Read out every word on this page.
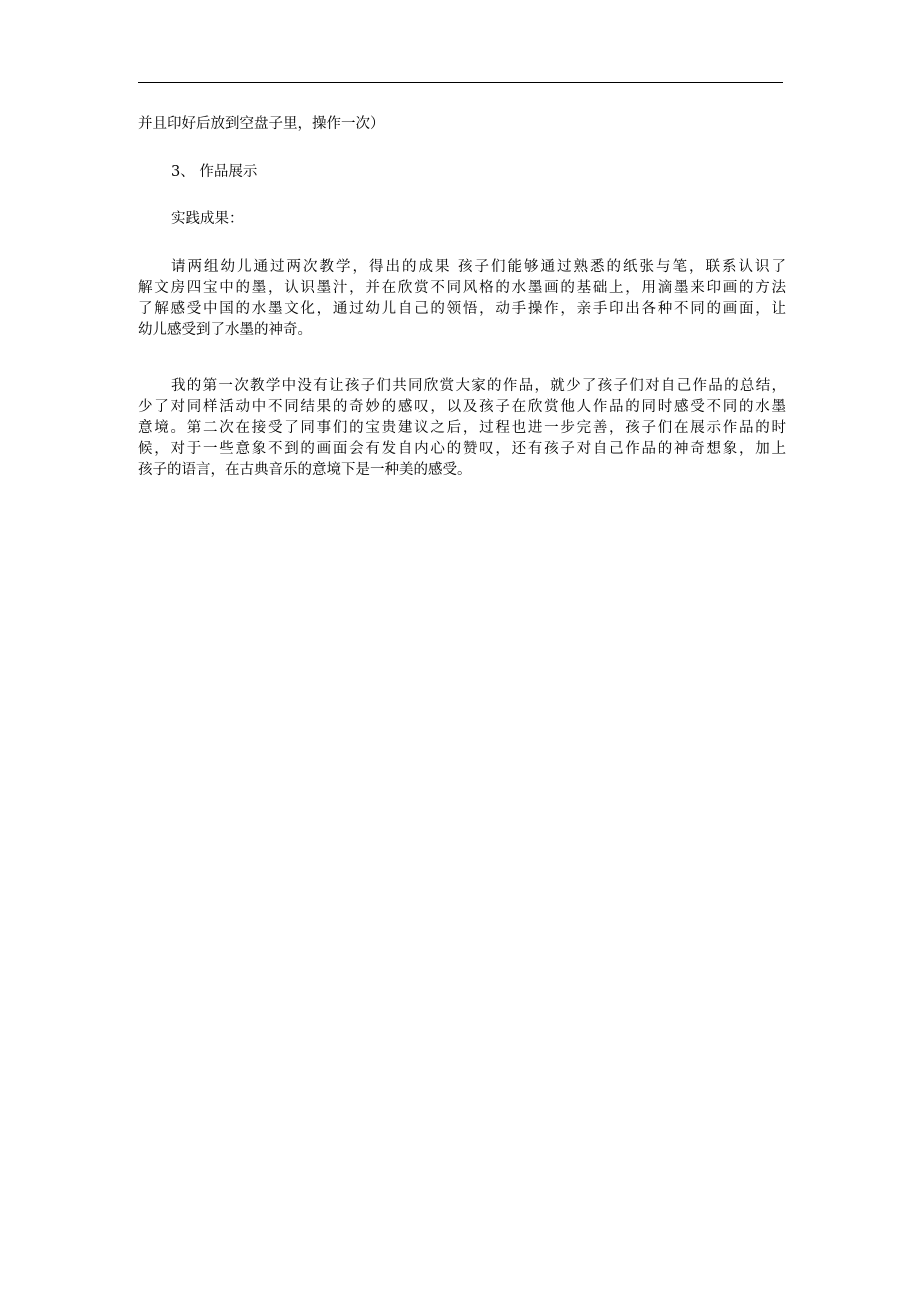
并且印好后放到空盘子里，操作一次）
3、 作品展示
实践成果：
请两组幼儿通过两次教学，得出的成果 孩子们能够通过熟悉的纸张与笔，联系认识了
解文房四宝中的墨，认识墨汁，并在欣赏不同风格的水墨画的基础上，用滴墨来印画的方法
了解感受中国的水墨文化，通过幼儿自己的领悟，动手操作，亲手印出各种不同的画面，让
幼儿感受到了水墨的神奇。
我的第一次教学中没有让孩子们共同欣赏大家的作品，就少了孩子们对自己作品的总结，
少了对同样活动中不同结果的奇妙的感叹，以及孩子在欣赏他人作品的同时感受不同的水墨
意境。第二次在接受了同事们的宝贵建议之后，过程也进一步完善，孩子们在展示作品的时
候，对于一些意象不到的画面会有发自内心的赞叹，还有孩子对自己作品的神奇想象，加上
孩子的语言，在古典音乐的意境下是一种美的感受。
